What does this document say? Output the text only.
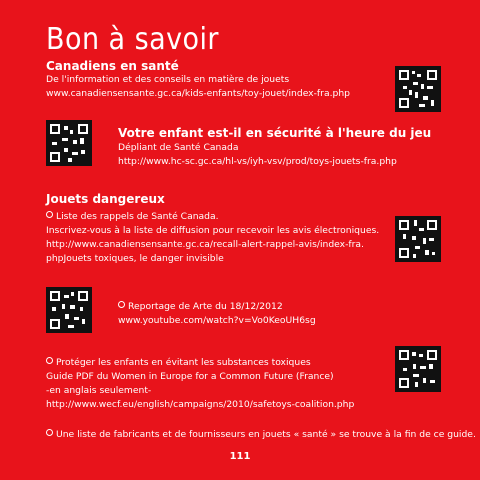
Bon à savoir
Canadiens en santé
De l'information et des conseils en matière de jouets
www.canadiensensante.gc.ca/kids-enfants/toy-jouet/index-fra.php
Votre enfant est-il en sécurité à l'heure du jeu
Dépliant de Santé Canada
http://www.hc-sc.gc.ca/hl-vs/iyh-vsv/prod/toys-jouets-fra.php
Jouets dangereux
Liste des rappels de Santé Canada.
Inscrivez-vous à la liste de diffusion pour recevoir les avis électroniques.
http://www.canadiensensante.gc.ca/recall-alert-rappel-avis/index-fra.
phpJouets toxiques, le danger invisible
Reportage de Arte du 18/12/2012
www.youtube.com/watch?v=Vo0KeoUH6sg
Protéger les enfants en évitant les substances toxiques
Guide PDF du Women in Europe for a Common Future (France)
-en anglais seulement-
http://www.wecf.eu/english/campaigns/2010/safetoys-coalition.php
Une liste de fabricants et de fournisseurs en jouets « santé » se trouve à la fin de ce guide.
111
